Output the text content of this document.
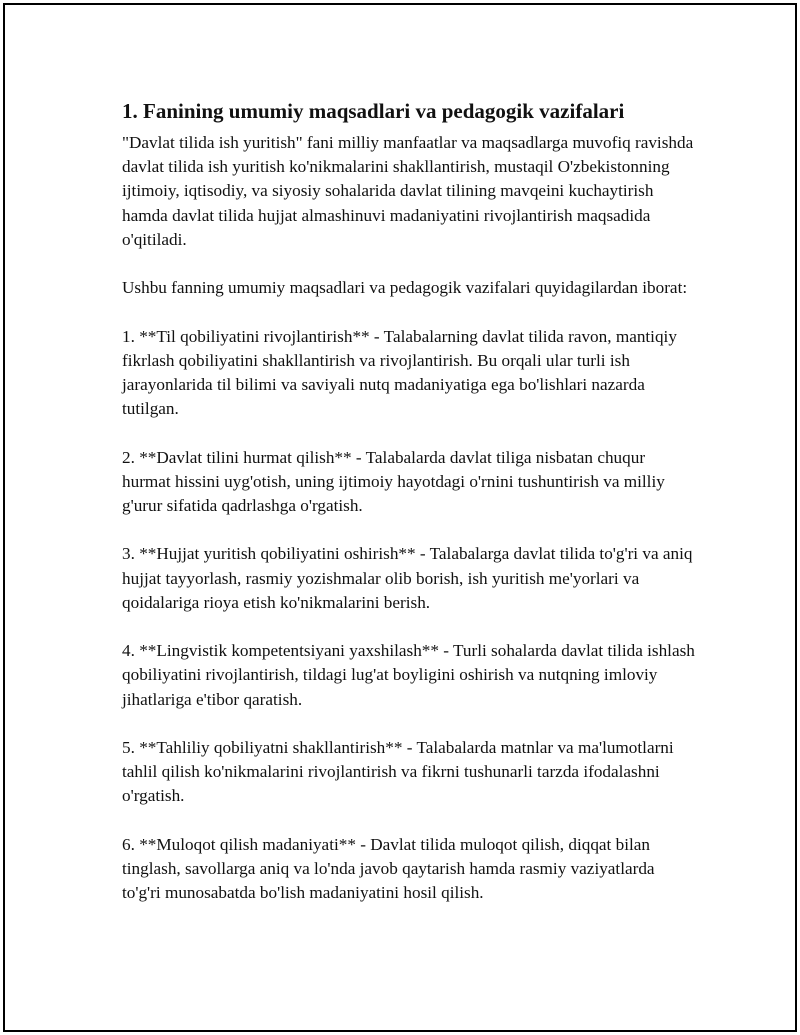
1. Fanining umumiy maqsadlari va pedagogik vazifalari

"Davlat tilida ish yuritish" fani milliy manfaatlar va maqsadlarga muvofiq ravishda davlat tilida ish yuritish ko'nikmalarini shakllantirish, mustaqil O'zbekistonning ijtimoiy, iqtisodiy, va siyosiy sohalarida davlat tilining mavqeini kuchaytirish hamda davlat tilida hujjat almashinuvi madaniyatini rivojlantirish maqsadida o'qitiladi.

Ushbu fanning umumiy maqsadlari va pedagogik vazifalari quyidagilardan iborat:

1. **Til qobiliyatini rivojlantirish** - Talabalarning davlat tilida ravon, mantiqiy fikrlash qobiliyatini shakllantirish va rivojlantirish. Bu orqali ular turli ish jarayonlarida til bilimi va saviyali nutq madaniyatiga ega bo'lishlari nazarda tutilgan.

2. **Davlat tilini hurmat qilish** - Talabalarda davlat tiliga nisbatan chuqur hurmat hissini uyg'otish, uning ijtimoiy hayotdagi o'rnini tushuntirish va milliy g'urur sifatida qadrlashga o'rgatish.

3. **Hujjat yuritish qobiliyatini oshirish** - Talabalarga davlat tilida to'g'ri va aniq hujjat tayyorlash, rasmiy yozishmalar olib borish, ish yuritish me'yorlari va qoidalariga rioya etish ko'nikmalarini berish.

4. **Lingvistik kompetentsiyani yaxshilash** - Turli sohalarda davlat tilida ishlash qobiliyatini rivojlantirish, tildagi lug'at boyligini oshirish va nutqning imloviy jihatlariga e'tibor qaratish.

5. **Tahliliy qobiliyatni shakllantirish** - Talabalarda matnlar va ma'lumotlarni tahlil qilish ko'nikmalarini rivojlantirish va fikrni tushunarli tarzda ifodalashni o'rgatish.

6. **Muloqot qilish madaniyati** - Davlat tilida muloqot qilish, diqqat bilan tinglash, savollarga aniq va lo'nda javob qaytarish hamda rasmiy vaziyatlarda to'g'ri munosabatda bo'lish madaniyatini hosil qilish.
